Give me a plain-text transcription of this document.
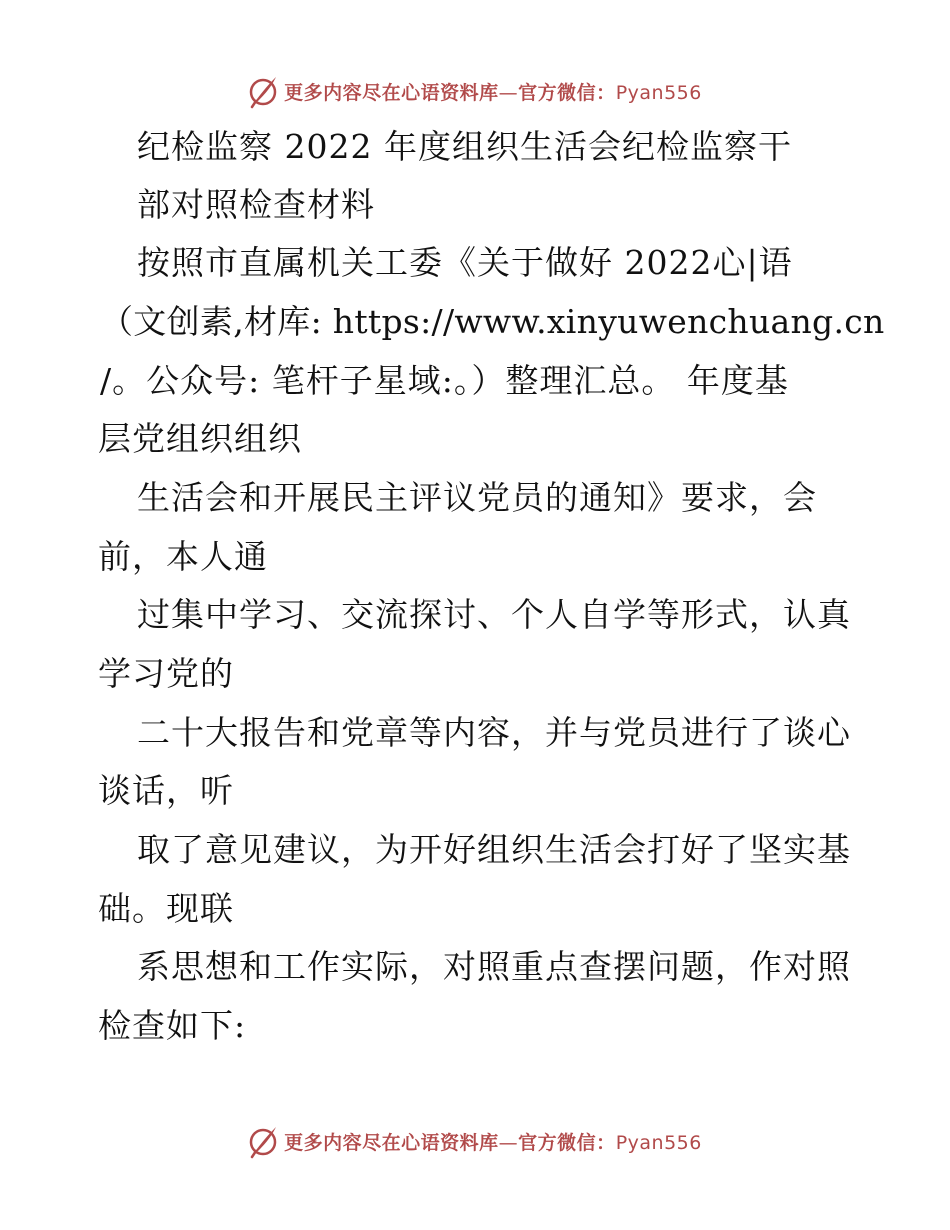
更多内容尽在心语资料库—官方微信：Pyan556
纪检监察 2022 年度组织生活会纪检监察干
部对照检查材料
按照市直属机关工委《关于做好 2022心|语
（文创素,材库: https://www.xinyuwenchuang.cn
/。公众号: 笔杆子星域:。）整理汇总。 年度基
层党组织组织
生活会和开展民主评议党员的通知》要求，会
前，本人通
过集中学习、交流探讨、个人自学等形式，认真
学习党的
二十大报告和党章等内容，并与党员进行了谈心
谈话，听
取了意见建议，为开好组织生活会打好了坚实基
础。现联
系思想和工作实际，对照重点查摆问题，作对照
检查如下:
更多内容尽在心语资料库—官方微信：Pyan556
